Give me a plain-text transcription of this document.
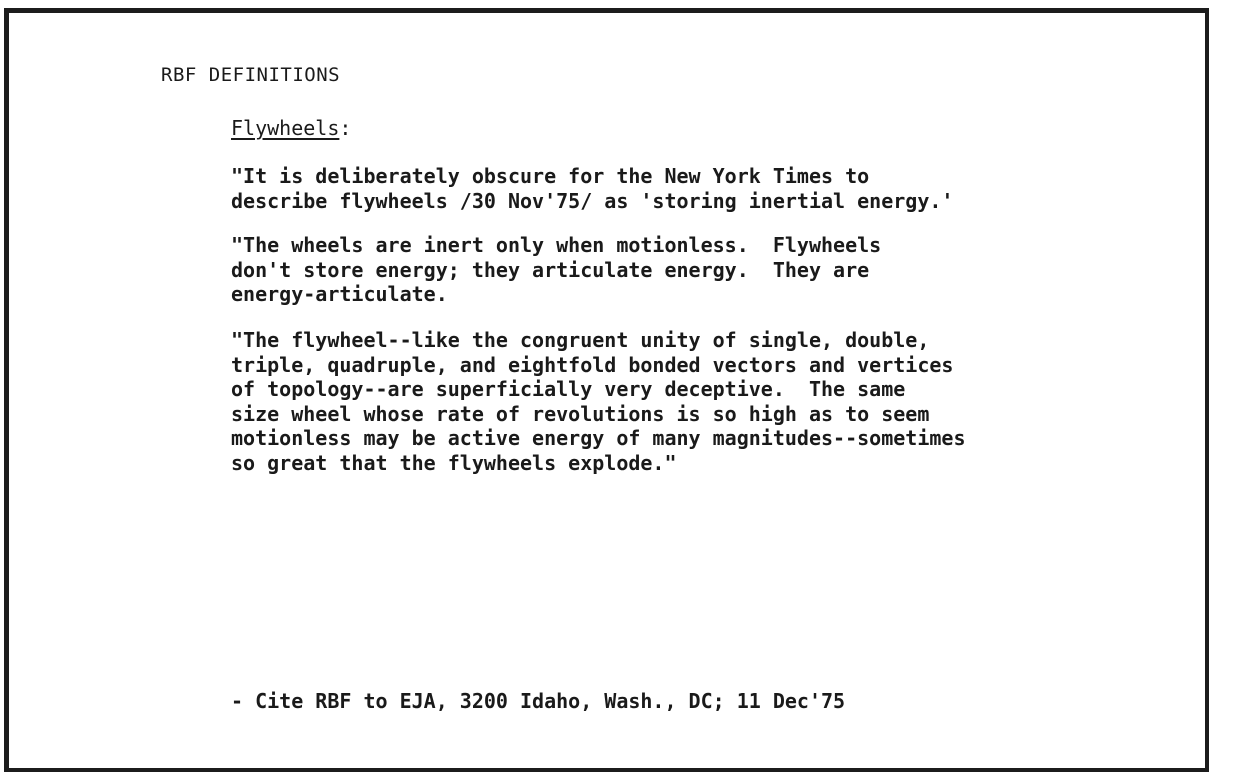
RBF DEFINITIONS
Flywheels:

"It is deliberately obscure for the New York Times to
describe flywheels /30 Nov'75/ as 'storing inertial energy.'

"The wheels are inert only when motionless.  Flywheels
don't store energy; they articulate energy.  They are
energy-articulate.

"The flywheel--like the congruent unity of single, double,
triple, quadruple, and eightfold bonded vectors and vertices
of topology--are superficially very deceptive.  The same
size wheel whose rate of revolutions is so high as to seem
motionless may be active energy of many magnitudes--sometimes
so great that the flywheels explode."

- Cite RBF to EJA, 3200 Idaho, Wash., DC; 11 Dec'75
